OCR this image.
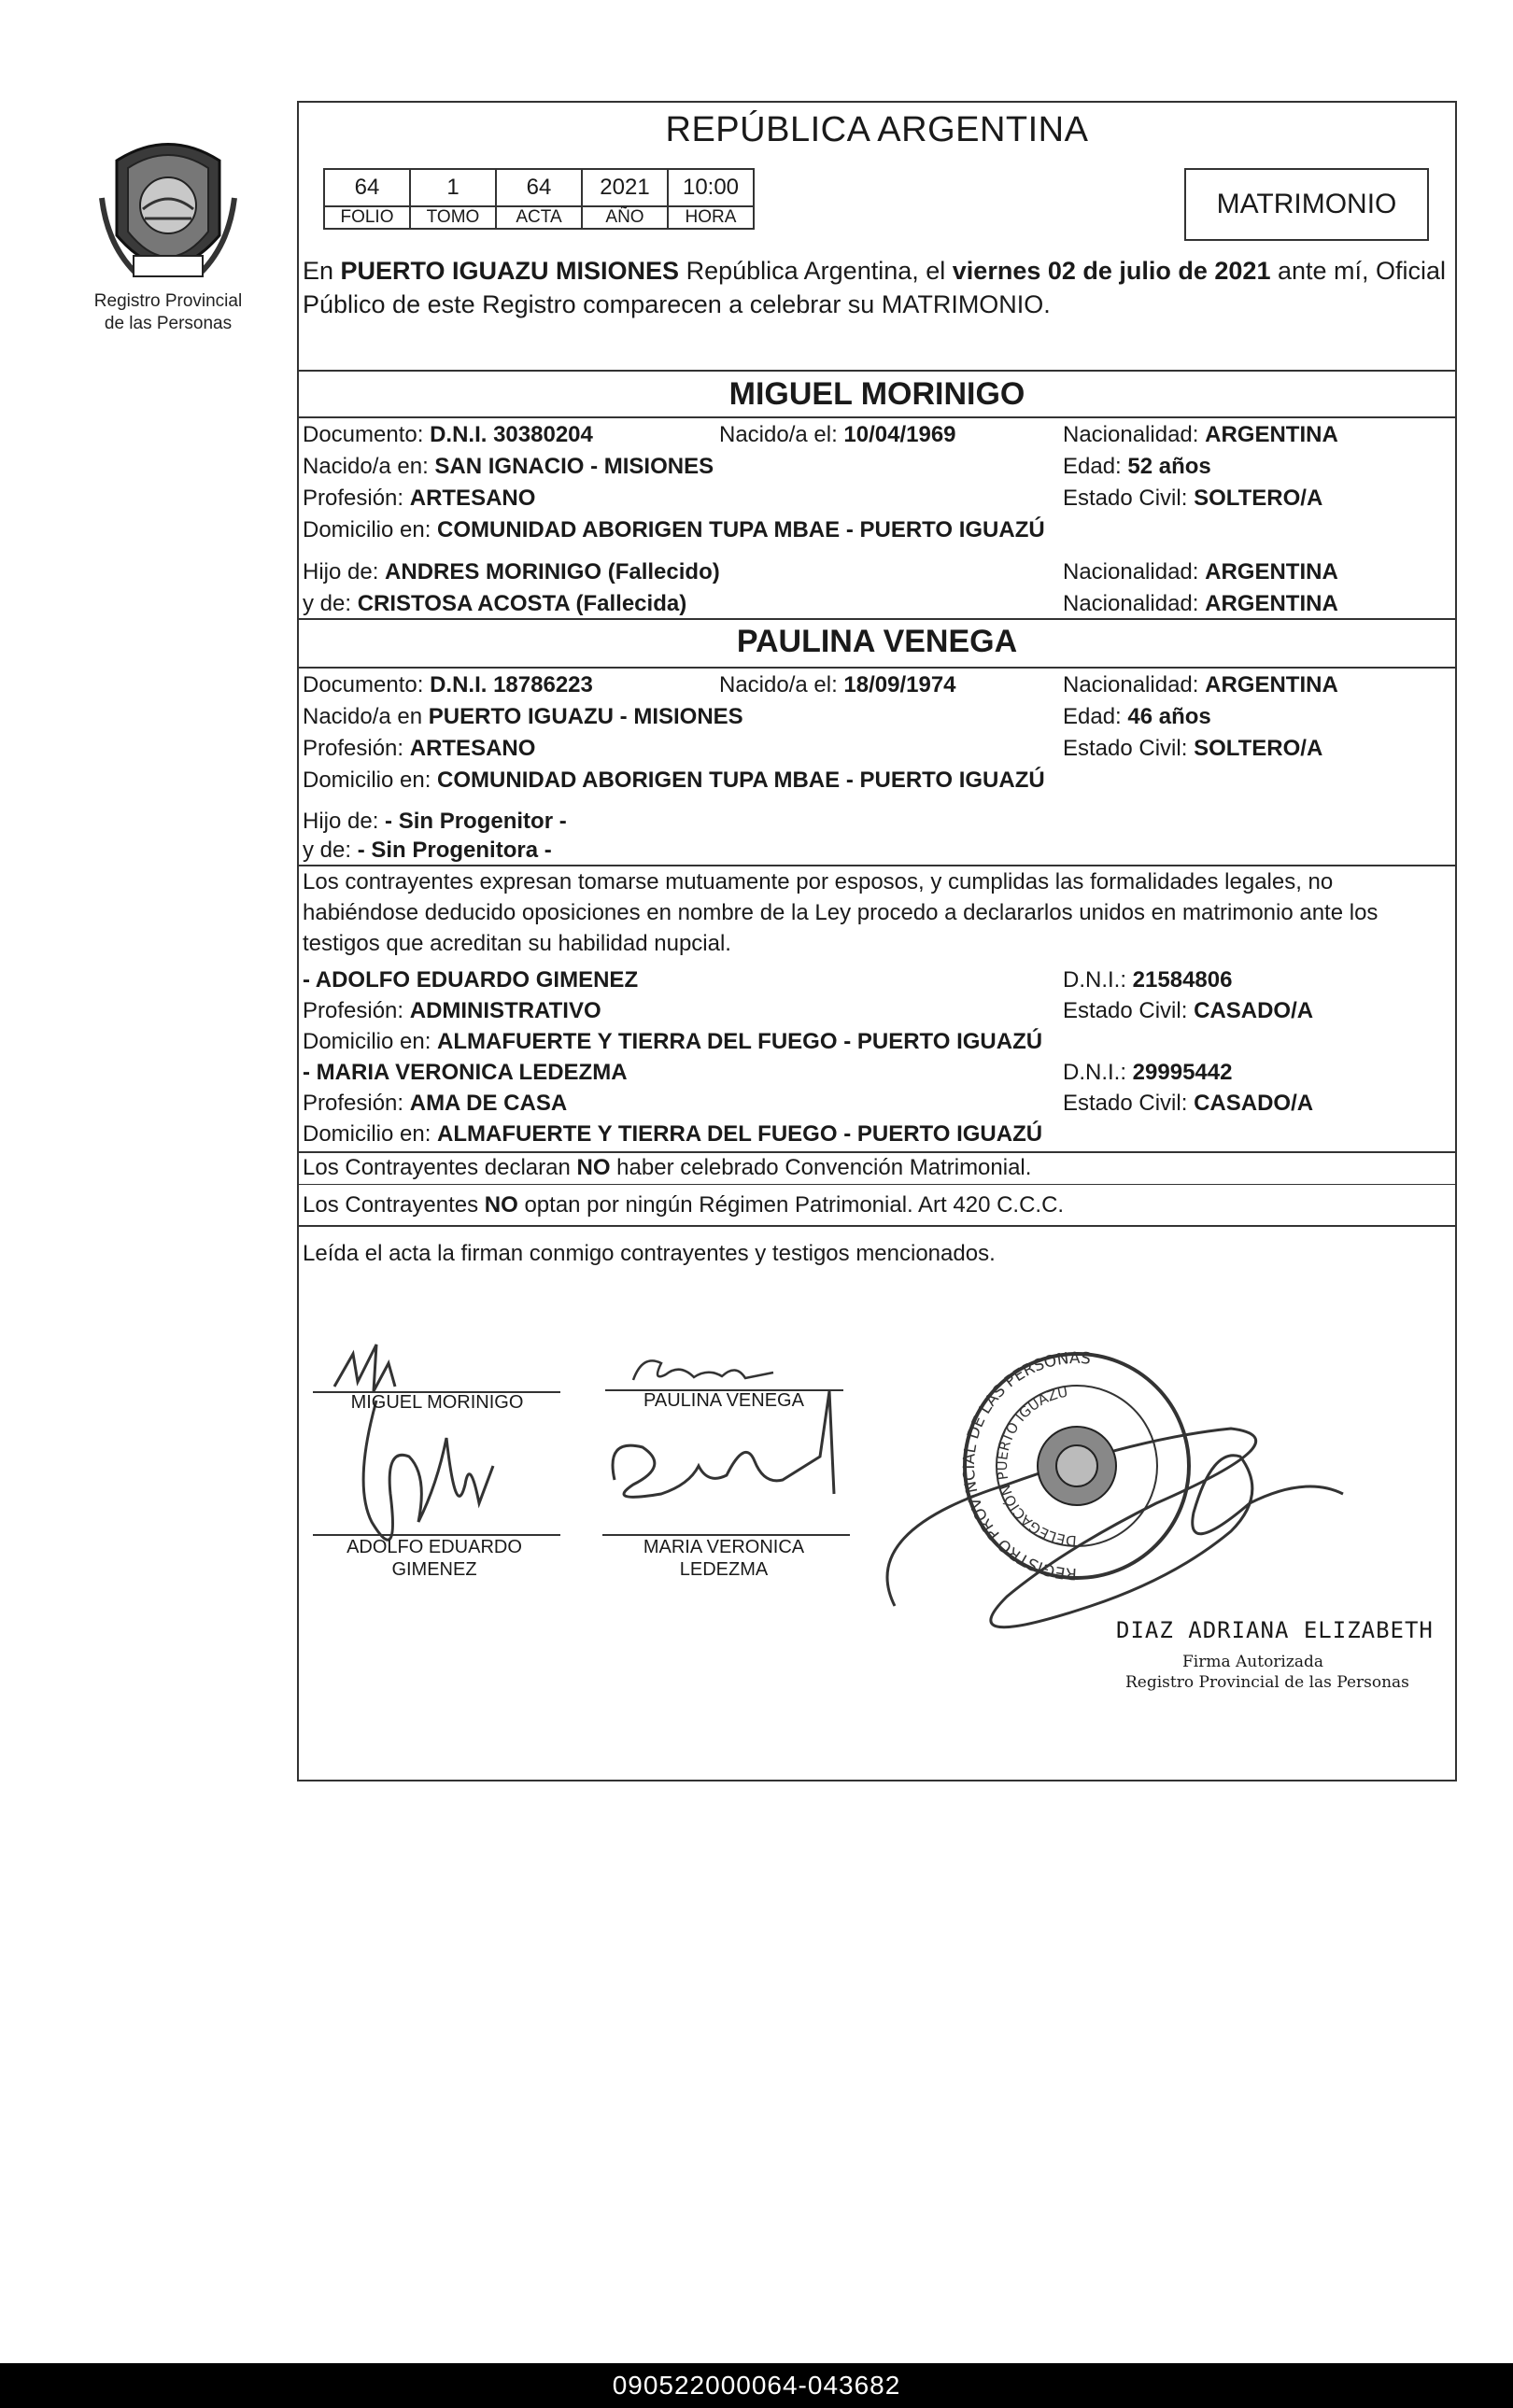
Registro Provincial
de las Personas
REPÚBLICA ARGENTINA
64	1	64	2021	10:00
FOLIO	TOMO	ACTA	AÑO	HORA	MATRIMONIO
En PUERTO IGUAZU MISIONES República Argentina, el viernes 02 de julio de 2021 ante mí, Oficial Público de este Registro comparecen a celebrar su MATRIMONIO.
MIGUEL MORINIGO
Documento: D.N.I. 30380204	Nacido/a el: 10/04/1969	Nacionalidad: ARGENTINA
Nacido/a en: SAN IGNACIO - MISIONES	Edad: 52 años
Profesión: ARTESANO	Estado Civil: SOLTERO/A
Domicilio en: COMUNIDAD ABORIGEN TUPA MBAE - PUERTO IGUAZÚ
Hijo de: ANDRES MORINIGO (Fallecido)	Nacionalidad: ARGENTINA
y de: CRISTOSA ACOSTA (Fallecida)	Nacionalidad: ARGENTINA
PAULINA VENEGA
Documento: D.N.I. 18786223	Nacido/a el: 18/09/1974	Nacionalidad: ARGENTINA
Nacido/a en PUERTO IGUAZU - MISIONES	Edad: 46 años
Profesión: ARTESANO	Estado Civil: SOLTERO/A
Domicilio en: COMUNIDAD ABORIGEN TUPA MBAE - PUERTO IGUAZÚ
Hijo de: - Sin Progenitor -
y de: - Sin Progenitora -
Los contrayentes expresan tomarse mutuamente por esposos, y cumplidas las formalidades legales, no habiéndose deducido oposiciones en nombre de la Ley procedo a declararlos unidos en matrimonio ante los testigos que acreditan su habilidad nupcial.
- ADOLFO EDUARDO GIMENEZ	D.N.I.: 21584806
Profesión: ADMINISTRATIVO	Estado Civil: CASADO/A
Domicilio en: ALMAFUERTE Y TIERRA DEL FUEGO - PUERTO IGUAZÚ
- MARIA VERONICA LEDEZMA	D.N.I.: 29995442
Profesión: AMA DE CASA	Estado Civil: CASADO/A
Domicilio en: ALMAFUERTE Y TIERRA DEL FUEGO - PUERTO IGUAZÚ
Los Contrayentes declaran NO haber celebrado Convención Matrimonial.
Los Contrayentes NO optan por ningún Régimen Patrimonial. Art 420 C.C.C.
Leída el acta la firman conmigo contrayentes y testigos mencionados.
REGISTRO PROVINCIAL DE LAS PERSONAS
DELEGACIÓN PUERTO IGUAZU
MIGUEL MORINIGO	PAULINA VENEGA
ADOLFO EDUARDO
GIMENEZ
MARIA VERONICA
LEDEZMA
DIAZ ADRIANA ELIZABETH
Firma Autorizada
Registro Provincial de las Personas
090522000064-043682
